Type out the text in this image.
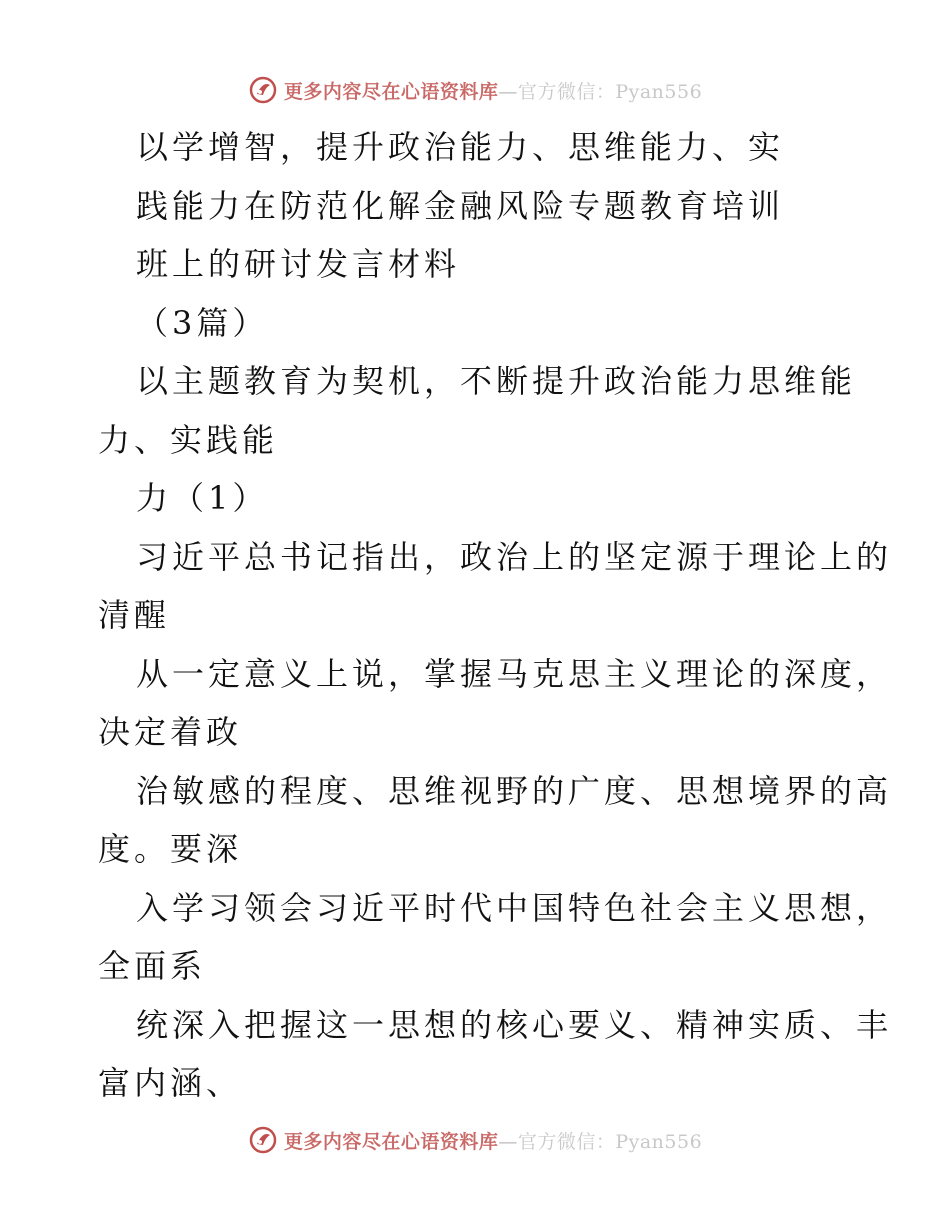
更多内容尽在心语资料库—官方微信：Pyan556
以学增智，提升政治能力、思维能力、实
践能力在防范化解金融风险专题教育培训
班上的研讨发言材料
（3篇）
以主题教育为契机，不断提升政治能力思维能
力、实践能
力（1）
习近平总书记指出，政治上的坚定源于理论上的
清醒
从一定意义上说，掌握马克思主义理论的深度，
决定着政
治敏感的程度、思维视野的广度、思想境界的高
度。要深
入学习领会习近平时代中国特色社会主义思想，
全面系
统深入把握这一思想的核心要义、精神实质、丰
富内涵、
更多内容尽在心语资料库—官方微信：Pyan556
